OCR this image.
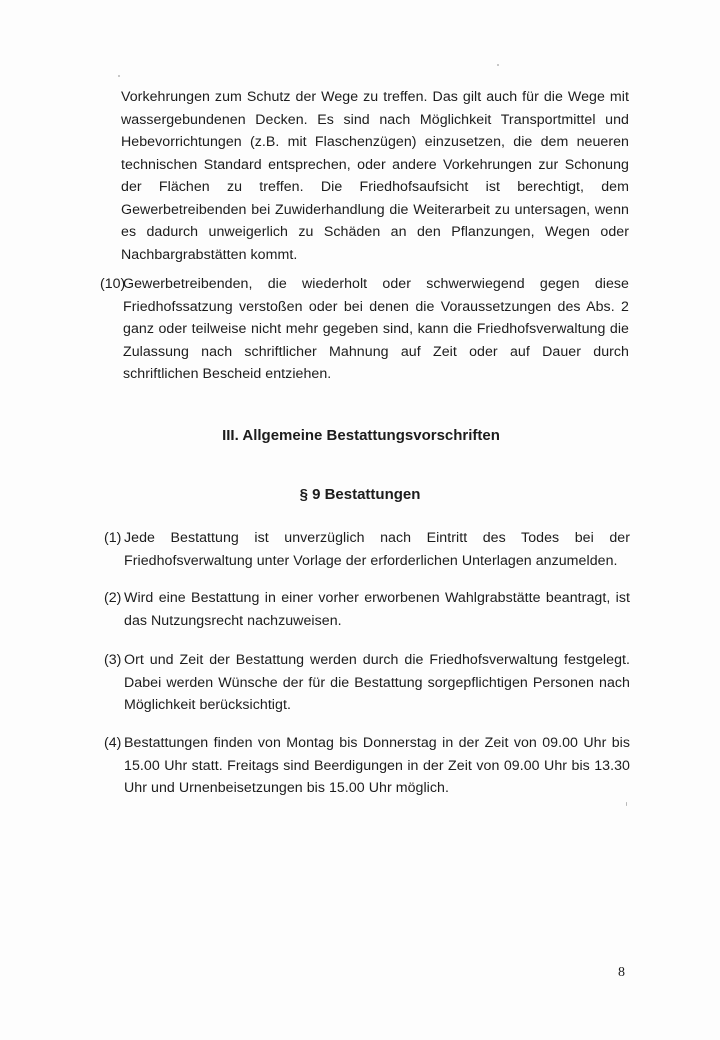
Vorkehrungen zum Schutz der Wege zu treffen. Das gilt auch für die Wege mit wassergebundenen Decken. Es sind nach Möglichkeit Transportmittel und Hebevorrichtungen (z.B. mit Flaschenzügen) einzusetzen, die dem neueren technischen Standard entsprechen, oder andere Vorkehrungen zur Schonung der Flächen zu treffen. Die Friedhofsaufsicht ist berechtigt, dem Gewerbetreibenden bei Zuwiderhandlung die Weiterarbeit zu untersagen, wenn es dadurch unweigerlich zu Schäden an den Pflanzungen, Wegen oder Nachbargrabstätten kommt.
(10)
Gewerbetreibenden, die wiederholt oder schwerwiegend gegen diese Friedhofssatzung verstoßen oder bei denen die Voraussetzungen des Abs. 2 ganz oder teilweise nicht mehr gegeben sind, kann die Friedhofsverwaltung die Zulassung nach schriftlicher Mahnung auf Zeit oder auf Dauer durch schriftlichen Bescheid entziehen.
III. Allgemeine Bestattungsvorschriften
§ 9 Bestattungen
(1) Jede Bestattung ist unverzüglich nach Eintritt des Todes bei der Friedhofsverwaltung unter Vorlage der erforderlichen Unterlagen anzumelden.
(2) Wird eine Bestattung in einer vorher erworbenen Wahlgrabstätte beantragt, ist das Nutzungsrecht nachzuweisen.
(3) Ort und Zeit der Bestattung werden durch die Friedhofsverwaltung festgelegt. Dabei werden Wünsche der für die Bestattung sorgepflichtigen Personen nach Möglichkeit berücksichtigt.
(4) Bestattungen finden von Montag bis Donnerstag in der Zeit von 09.00 Uhr bis 15.00 Uhr statt. Freitags sind Beerdigungen in der Zeit von 09.00 Uhr bis 13.30 Uhr und Urnenbeisetzungen bis 15.00 Uhr möglich.
8
